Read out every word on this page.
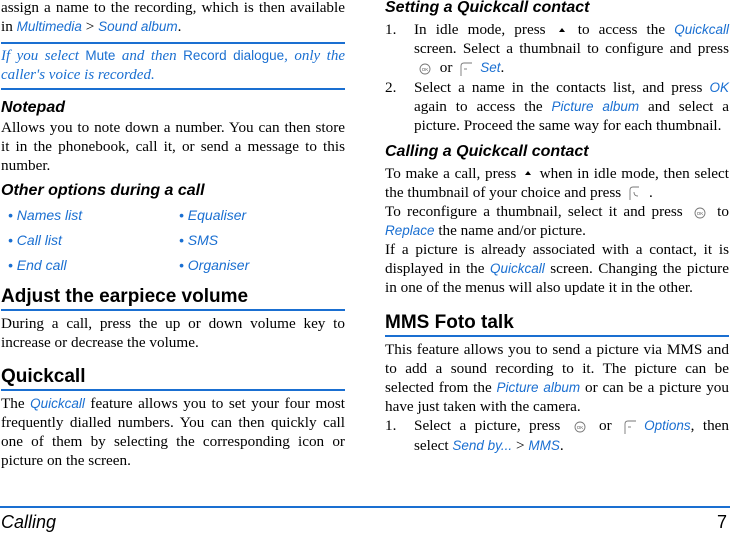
assign a name to the recording, which is then available in Multimedia > Sound album.

If you select Mute and then Record dialogue, only the caller's voice is recorded.

Notepad

Allows you to note down a number. You can then store it in the phonebook, call it, or send a message to this number.

Other options during a call
• Names list	• Equaliser
• Call list	• SMS
• End call	• Organiser
Adjust the earpiece volume

During a call, press the up or down volume key to increase or decrease the volume.

Quickcall

The Quickcall feature allows you to set your four most frequently dialled numbers. You can then quickly call one of them by selecting the corresponding icon or picture on the screen.

Setting a Quickcall contact
1. In idle mode, press  to access the Quickcall screen. Select a thumbnail to configure and press
OK or Set.

2. Select a name in the contacts list, and press OK again to access the Picture album and select a picture. Proceed the same way for each thumbnail.

Calling a Quickcall contact

To make a call, press  when in idle mode, then select the thumbnail of your choice and press .

To reconfigure a thumbnail, select it and press OK to Replace the name and/or picture.

If a picture is already associated with a contact, it is displayed in the Quickcall screen. Changing the picture in one of the menus will also update it in the other.

MMS Foto talk

This feature allows you to send a picture via MMS and to add a sound recording to it. The picture can be selected from the Picture album or can be a picture you have just taken with the camera.

1. Select a picture, press OK or Options, then select Send by... > MMS.

Calling	7
